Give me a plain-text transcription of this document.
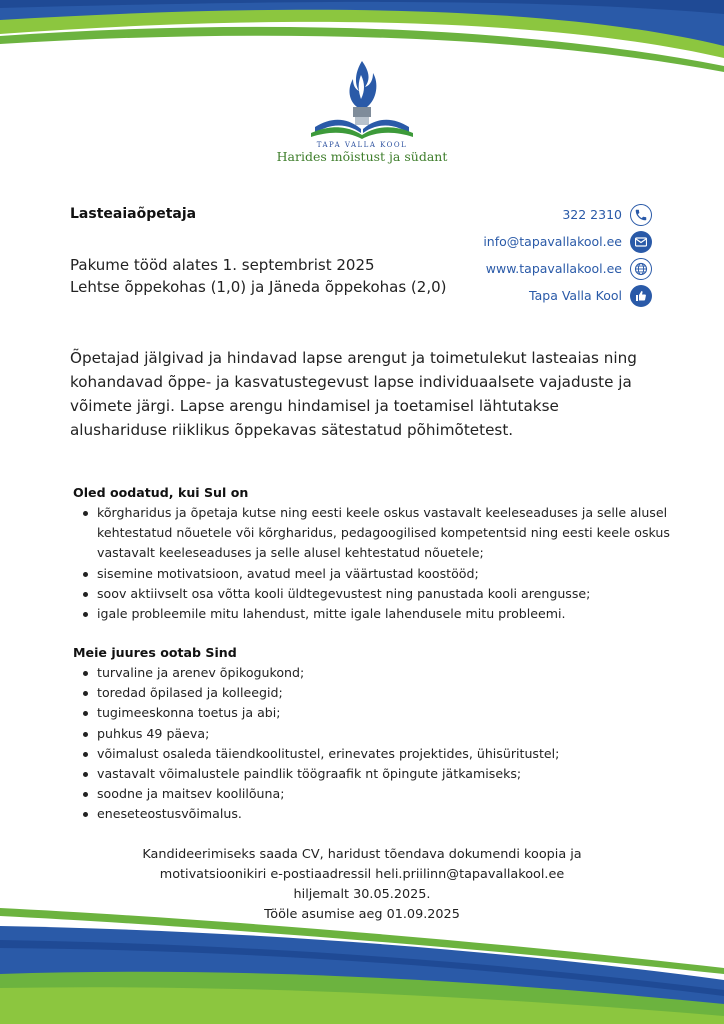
TAPA VALLA KOOL
Harides mõistust ja südant
Lasteaiaõpetaja
Pakume tööd alates 1. septembrist 2025
Lehtse õppekohas (1,0) ja Jäneda õppekohas (2,0)
322 2310
info@tapavallakool.ee
www.tapavallakool.ee
Tapa Valla Kool
Õpetajad jälgivad ja hindavad lapse arengut ja toimetulekut lasteaias ning kohandavad õppe- ja kasvatustegevust lapse individuaalsete vajaduste ja võimete järgi. Lapse arengu hindamisel ja toetamisel lähtutakse alushariduse riiklikus õppekavas sätestatud põhimõtetest.
Oled oodatud, kui Sul on
kõrgharidus ja õpetaja kutse ning eesti keele oskus vastavalt keeleseaduses ja selle alusel kehtestatud nõuetele või kõrgharidus, pedagoogilised kompetentsid ning eesti keele oskus vastavalt keeleseaduses ja selle alusel kehtestatud nõuetele;
sisemine motivatsioon, avatud meel ja väärtustad koostööd;
soov aktiivselt osa võtta kooli üldtegevustest ning panustada kooli arengusse;
igale probleemile mitu lahendust, mitte igale lahendusele mitu probleemi.
Meie juures ootab Sind
turvaline ja arenev õpikogukond;
toredad õpilased ja kolleegid;
tugimeeskonna toetus ja abi;
puhkus 49 päeva;
võimalust osaleda täiendkoolitustel, erinevates projektides, ühisüritustel;
vastavalt võimalustele paindlik töögraafik nt õpingute jätkamiseks;
soodne ja maitsev koolilõuna;
eneseteostusvõimalus.
Kandideerimiseks saada CV, haridust tõendava dokumendi koopia ja
motivatsioonikiri e-postiaadressil heli.priilinn@tapavallakool.ee
hiljemalt 30.05.2025.
Tööle asumise aeg 01.09.2025
